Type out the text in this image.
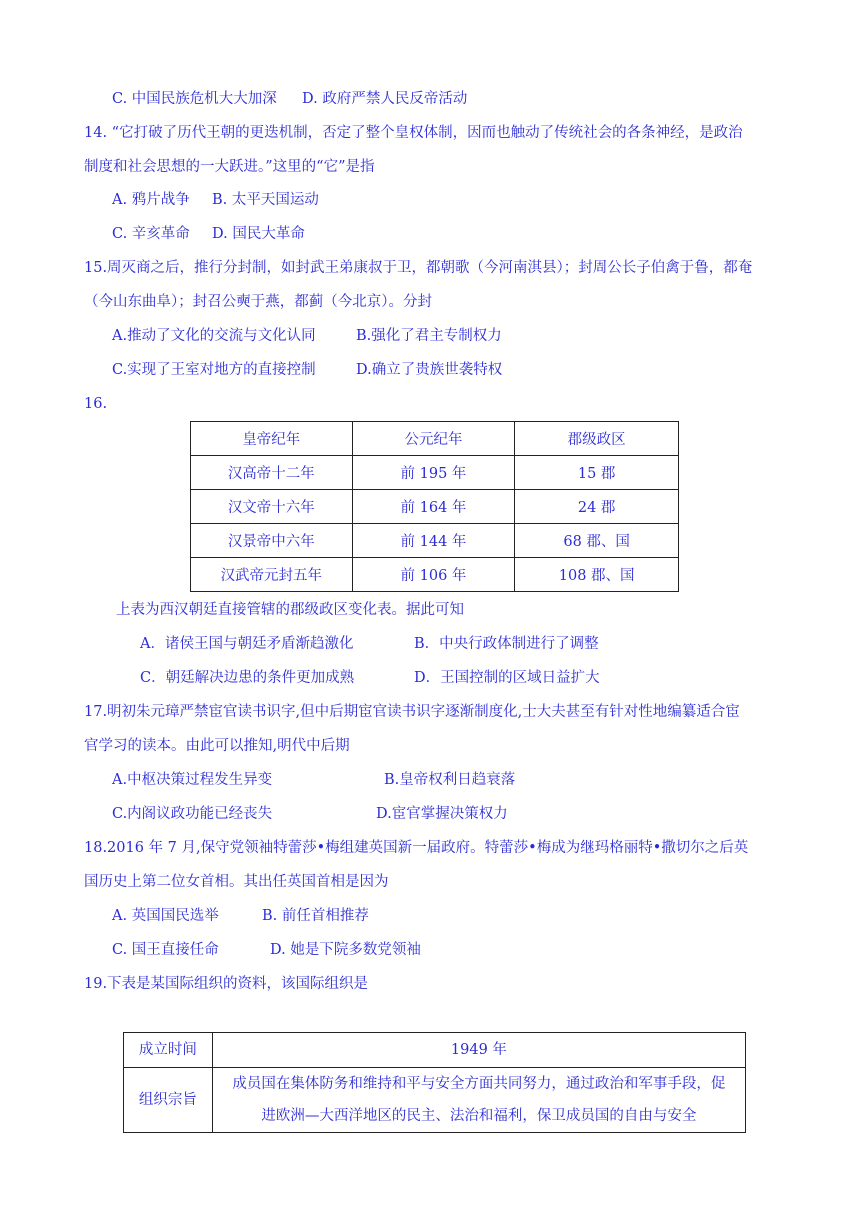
C. 中国民族危机大大加深 D. 政府严禁人民反帝活动
14. “它打破了历代王朝的更迭机制，否定了整个皇权体制，因而也触动了传统社会的各条神经，是政治
制度和社会思想的一大跃进。”这里的“它”是指
A. 鸦片战争 B. 太平天国运动
C. 辛亥革命 D. 国民大革命
15.周灭商之后，推行分封制，如封武王弟康叔于卫，都朝歌（今河南淇县）；封周公长子伯禽于鲁，都奄
（今山东曲阜）；封召公奭于燕，都蓟（今北京）。分封
A.推动了文化的交流与文化认同	B.强化了君主专制权力
C.实现了王室对地方的直接控制	D.确立了贵族世袭特权
16.
皇帝纪年	公元纪年	郡级政区
汉高帝十二年	前 195 年	15 郡
汉文帝十六年	前 164 年	24 郡
汉景帝中六年	前 144 年	68 郡、国
汉武帝元封五年	前 106 年	108 郡、国
上表为西汉朝廷直接管辖的郡级政区变化表。据此可知
A．诸侯王国与朝廷矛盾渐趋激化	B．中央行政体制进行了调整
C．朝廷解决边患的条件更加成熟	D．王国控制的区域日益扩大
17.明初朱元璋严禁宦官读书识字,但中后期宦官读书识字逐渐制度化,士大夫甚至有针对性地编纂适合宦
官学习的读本。由此可以推知,明代中后期
A.中枢决策过程发生异变	B.皇帝权利日趋衰落
C.内阁议政功能已经丧失	D.宦官掌握决策权力
18.2016 年 7 月,保守党领袖特蕾莎•梅组建英国新一届政府。特蕾莎•梅成为继玛格丽特•撒切尔之后英
国历史上第二位女首相。其出任英国首相是因为
A. 英国国民选举	B. 前任首相推荐
C. 国王直接任命	D. 她是下院多数党领袖
19.下表是某国际组织的资料，该国际组织是
成立时间	1949 年
组织宗旨	成员国在集体防务和维持和平与安全方面共同努力，通过政治和军事手段，促
进欧洲—大西洋地区的民主、法治和福利，保卫成员国的自由与安全
